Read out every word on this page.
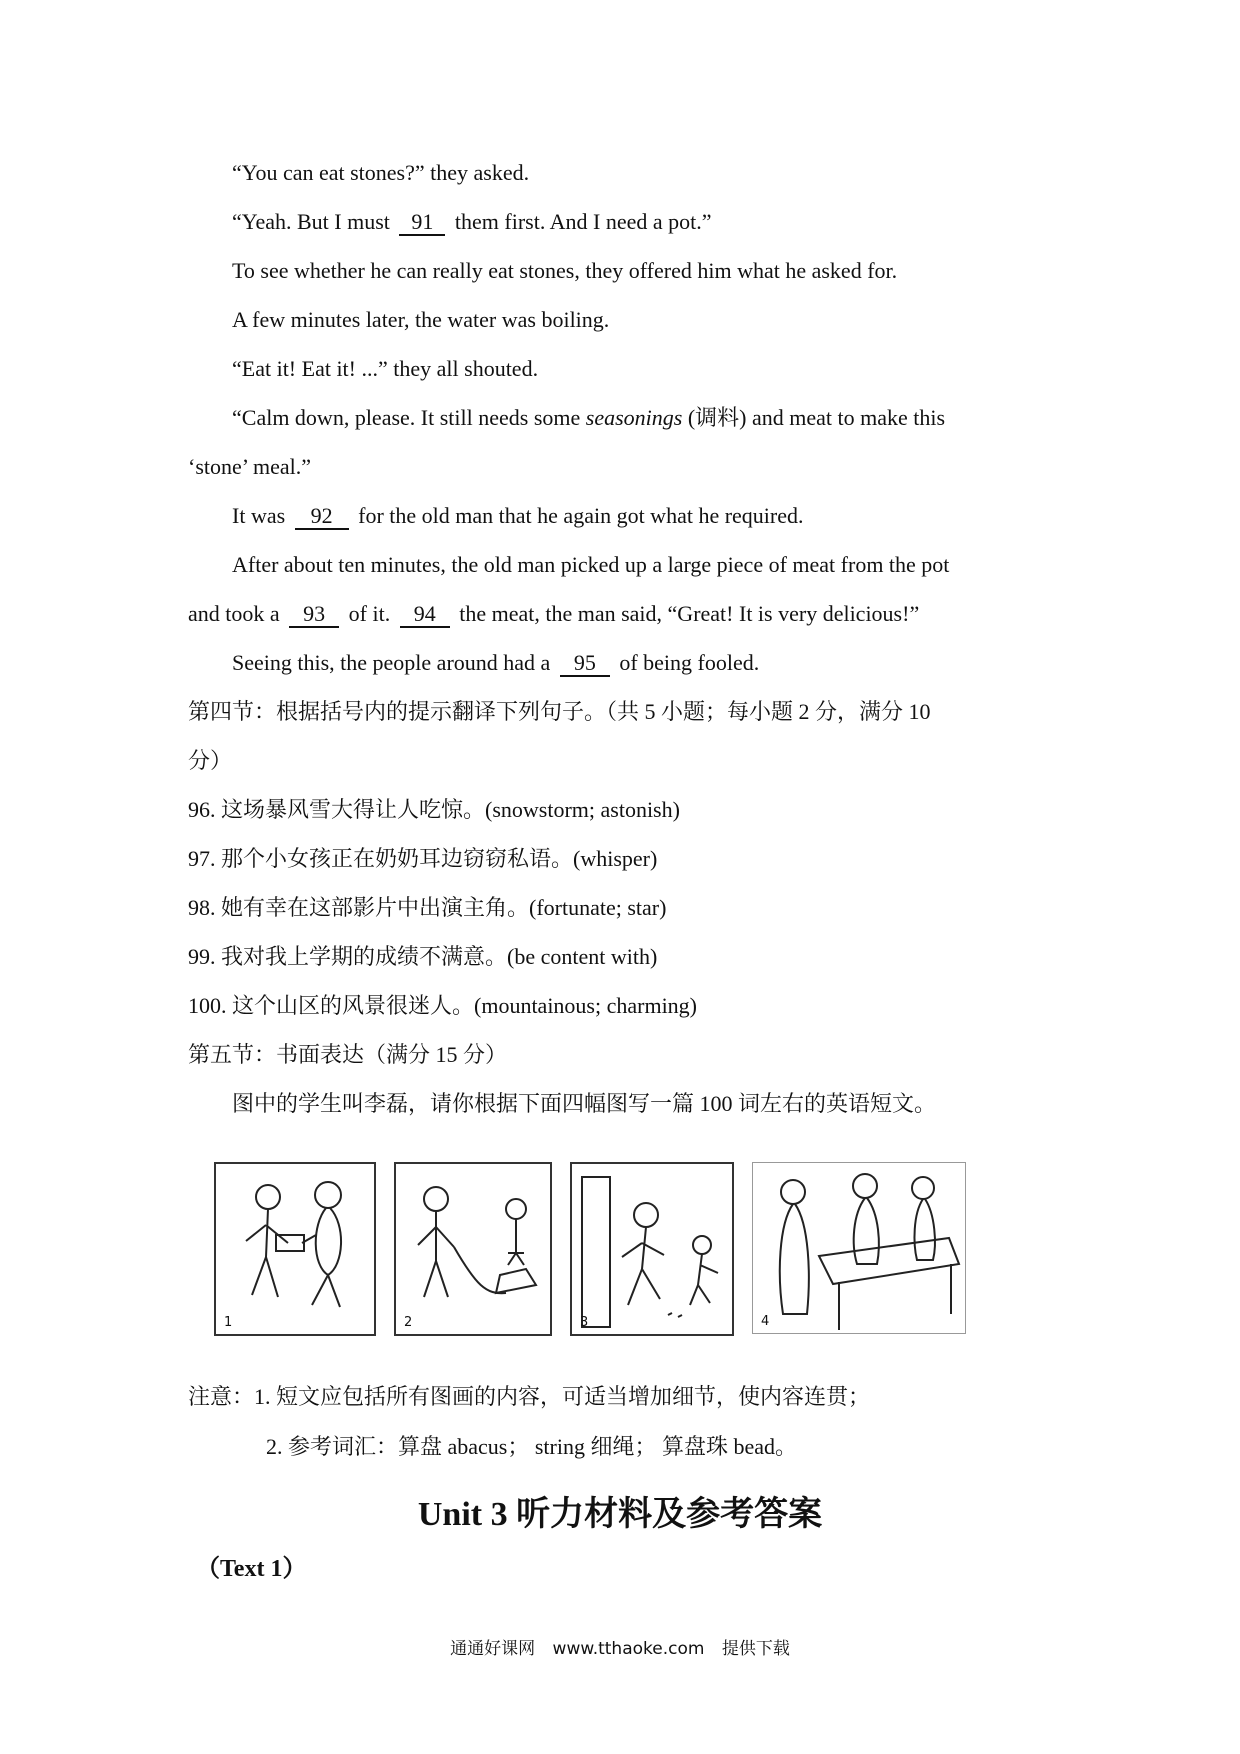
“You can eat stones?” they asked.
“Yeah. But I must 91 them first. And I need a pot.”
To see whether he can really eat stones, they offered him what he asked for.
A few minutes later, the water was boiling.
“Eat it! Eat it! ...” they all shouted.
“Calm down, please. It still needs some seasonings (调料) and meat to make this
‘stone’ meal.”
It was 92 for the old man that he again got what he required.
After about ten minutes, the old man picked up a large piece of meat from the pot
and took a 93 of it. 94 the meat, the man said, “Great! It is very delicious!”
Seeing this, the people around had a 95 of being fooled.
第四节：根据括号内的提示翻译下列句子。（共 5 小题；每小题 2 分，满分 10
分）
96. 这场暴风雪大得让人吃惊。(snowstorm; astonish)
97. 那个小女孩正在奶奶耳边窃窃私语。(whisper)
98. 她有幸在这部影片中出演主角。(fortunate; star)
99. 我对我上学期的成绩不满意。(be content with)
100. 这个山区的风景很迷人。(mountainous; charming)
第五节：书面表达（满分 15 分）
图中的学生叫李磊，请你根据下面四幅图写一篇 100 词左右的英语短文。
1	2	3	4
注意：1. 短文应包括所有图画的内容，可适当增加细节，使内容连贯；
2. 参考词汇：算盘 abacus； string 细绳； 算盘珠 bead。
Unit 3 听力材料及参考答案
（Text 1）
通通好课网 www.tthaoke.com 提供下载
